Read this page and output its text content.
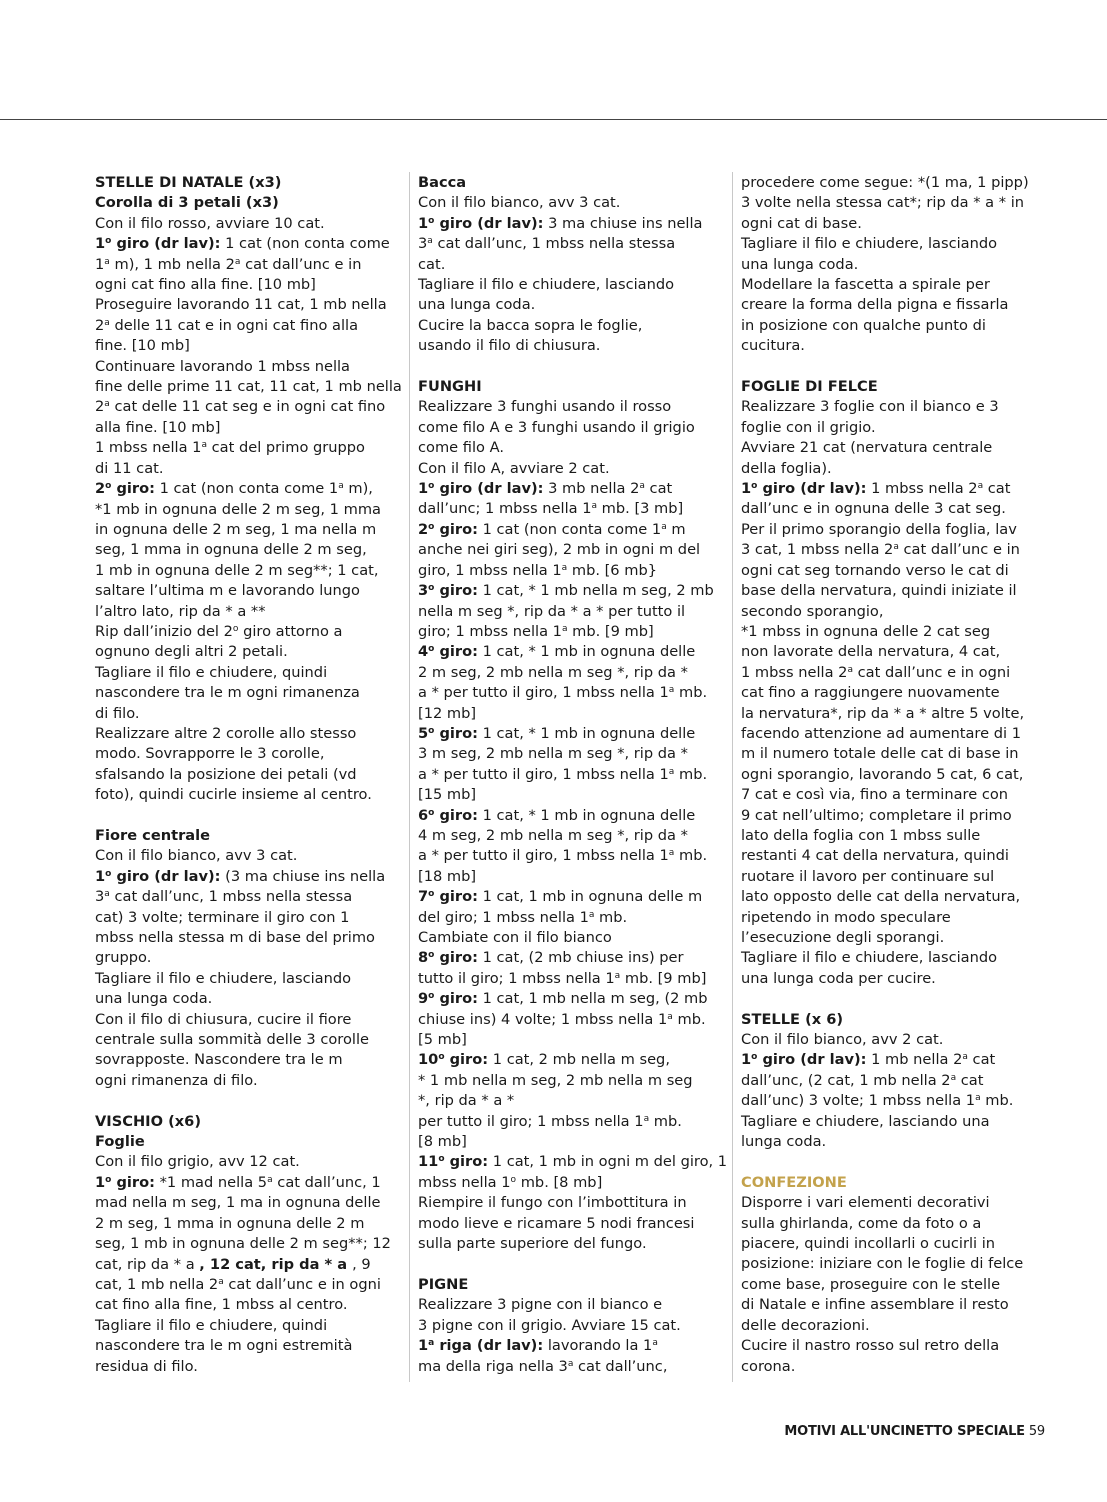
STELLE DI NATALE (x3)

Corolla di 3 petali (x3)

Con il filo rosso, avviare 10 cat.

1$^o$ giro (dr lav): 1 cat (non conta come

1$^a$ m), 1 mb nella 2$^a$ cat dall’unc e in

ogni cat fino alla fine. [10 mb]

Proseguire lavorando 11 cat, 1 mb nella

2$^a$ delle 11 cat e in ogni cat fino alla

fine. [10 mb]

Continuare lavorando 1 mbss nella

fine delle prime 11 cat, 11 cat, 1 mb nella

2$^a$ cat delle 11 cat seg e in ogni cat fino

alla fine. [10 mb]

1 mbss nella 1$^a$ cat del primo gruppo

di 11 cat.

2$^o$ giro: 1 cat (non conta come 1$^a$ m),

*1 mb in ognuna delle 2 m seg, 1 mma

in ognuna delle 2 m seg, 1 ma nella m

seg, 1 mma in ognuna delle 2 m seg,

1 mb in ognuna delle 2 m seg**; 1 cat,

saltare l’ultima m e lavorando lungo

l’altro lato, rip da * a **

Rip dall’inizio del 2$^o$ giro attorno a

ognuno degli altri 2 petali.

Tagliare il filo e chiudere, quindi

nascondere tra le m ogni rimanenza

di filo.

Realizzare altre 2 corolle allo stesso

modo. Sovrapporre le 3 corolle,

sfalsando la posizione dei petali (vd

foto), quindi cucirle insieme al centro.

Fiore centrale

Con il filo bianco, avv 3 cat.

1$^o$ giro (dr lav): (3 ma chiuse ins nella

3$^a$ cat dall’unc, 1 mbss nella stessa

cat) 3 volte; terminare il giro con 1

mbss nella stessa m di base del primo

gruppo.

Tagliare il filo e chiudere, lasciando

una lunga coda.

Con il filo di chiusura, cucire il fiore

centrale sulla sommità delle 3 corolle

sovrapposte. Nascondere tra le m

ogni rimanenza di filo.

VISCHIO (x6)

Foglie

Con il filo grigio, avv 12 cat.

1$^o$ giro: *1 mad nella 5$^a$ cat dall’unc, 1

mad nella m seg, 1 ma in ognuna delle

2 m seg, 1 mma in ognuna delle 2 m

seg, 1 mb in ognuna delle 2 m seg**; 12

cat, rip da * a , 12 cat, rip da * a , 9

cat, 1 mb nella 2$^a$ cat dall’unc e in ogni

cat fino alla fine, 1 mbss al centro.

Tagliare il filo e chiudere, quindi

nascondere tra le m ogni estremità

residua di filo.

Bacca

Con il filo bianco, avv 3 cat.

1$^o$ giro (dr lav): 3 ma chiuse ins nella

3$^a$ cat dall’unc, 1 mbss nella stessa

cat.

Tagliare il filo e chiudere, lasciando

una lunga coda.

Cucire la bacca sopra le foglie,

usando il filo di chiusura.

FUNGHI

Realizzare 3 funghi usando il rosso

come filo A e 3 funghi usando il grigio

come filo A.

Con il filo A, avviare 2 cat.

1$^o$ giro (dr lav): 3 mb nella 2$^a$ cat

dall’unc; 1 mbss nella 1$^a$ mb. [3 mb]

2$^o$ giro: 1 cat (non conta come 1$^a$ m

anche nei giri seg), 2 mb in ogni m del

giro, 1 mbss nella 1$^a$ mb. [6 mb}

3$^o$ giro: 1 cat, * 1 mb nella m seg, 2 mb

nella m seg *, rip da * a * per tutto il

giro; 1 mbss nella 1$^a$ mb. [9 mb]

4$^o$ giro: 1 cat, * 1 mb in ognuna delle

2 m seg, 2 mb nella m seg *, rip da *

a * per tutto il giro, 1 mbss nella 1$^a$ mb.

[12 mb]

5$^o$ giro: 1 cat, * 1 mb in ognuna delle

3 m seg, 2 mb nella m seg *, rip da *

a * per tutto il giro, 1 mbss nella 1$^a$ mb.

[15 mb]

6$^o$ giro: 1 cat, * 1 mb in ognuna delle

4 m seg, 2 mb nella m seg *, rip da *

a * per tutto il giro, 1 mbss nella 1$^a$ mb.

[18 mb]

7$^o$ giro: 1 cat, 1 mb in ognuna delle m

del giro; 1 mbss nella 1$^a$ mb.

Cambiate con il filo bianco

8$^o$ giro: 1 cat, (2 mb chiuse ins) per

tutto il giro; 1 mbss nella 1$^a$ mb. [9 mb]

9$^o$ giro: 1 cat, 1 mb nella m seg, (2 mb

chiuse ins) 4 volte; 1 mbss nella 1$^a$ mb.

[5 mb]

10$^o$ giro: 1 cat, 2 mb nella m seg,

* 1 mb nella m seg, 2 mb nella m seg

*, rip da * a *

per tutto il giro; 1 mbss nella 1$^a$ mb.

[8 mb]

11$^o$ giro: 1 cat, 1 mb in ogni m del giro, 1

mbss nella 1$^o$ mb. [8 mb]

Riempire il fungo con l’imbottitura in

modo lieve e ricamare 5 nodi francesi

sulla parte superiore del fungo.

PIGNE

Realizzare 3 pigne con il bianco e

3 pigne con il grigio. Avviare 15 cat.

1$^a$ riga (dr lav): lavorando la 1$^a$

ma della riga nella 3$^a$ cat dall’unc,

procedere come segue: *(1 ma, 1 pipp)

3 volte nella stessa cat*; rip da * a * in

ogni cat di base.

Tagliare il filo e chiudere, lasciando

una lunga coda.

Modellare la fascetta a spirale per

creare la forma della pigna e fissarla

in posizione con qualche punto di

cucitura.

FOGLIE DI FELCE

Realizzare 3 foglie con il bianco e 3

foglie con il grigio.

Avviare 21 cat (nervatura centrale

della foglia).

1$^o$ giro (dr lav): 1 mbss nella 2$^a$ cat

dall’unc e in ognuna delle 3 cat seg.

Per il primo sporangio della foglia, lav

3 cat, 1 mbss nella 2$^a$ cat dall’unc e in

ogni cat seg tornando verso le cat di

base della nervatura, quindi iniziate il

secondo sporangio,

*1 mbss in ognuna delle 2 cat seg

non lavorate della nervatura, 4 cat,

1 mbss nella 2$^a$ cat dall’unc e in ogni

cat fino a raggiungere nuovamente

la nervatura*, rip da * a * altre 5 volte,

facendo attenzione ad aumentare di 1

m il numero totale delle cat di base in

ogni sporangio, lavorando 5 cat, 6 cat,

7 cat e così via, fino a terminare con

9 cat nell’ultimo; completare il primo

lato della foglia con 1 mbss sulle

restanti 4 cat della nervatura, quindi

ruotare il lavoro per continuare sul

lato opposto delle cat della nervatura,

ripetendo in modo speculare

l’esecuzione degli sporangi.

Tagliare il filo e chiudere, lasciando

una lunga coda per cucire.

STELLE (x 6)

Con il filo bianco, avv 2 cat.

1$^o$ giro (dr lav): 1 mb nella 2$^a$ cat

dall’unc, (2 cat, 1 mb nella 2$^a$ cat

dall’unc) 3 volte; 1 mbss nella 1$^a$ mb.

Tagliare e chiudere, lasciando una

lunga coda.

CONFEZIONE

Disporre i vari elementi decorativi

sulla ghirlanda, come da foto o a

piacere, quindi incollarli o cucirli in

posizione: iniziare con le foglie di felce

come base, proseguire con le stelle

di Natale e infine assemblare il resto

delle decorazioni.

Cucire il nastro rosso sul retro della

corona.

MOTIVI ALL'UNCINETTO SPECIALE 59
